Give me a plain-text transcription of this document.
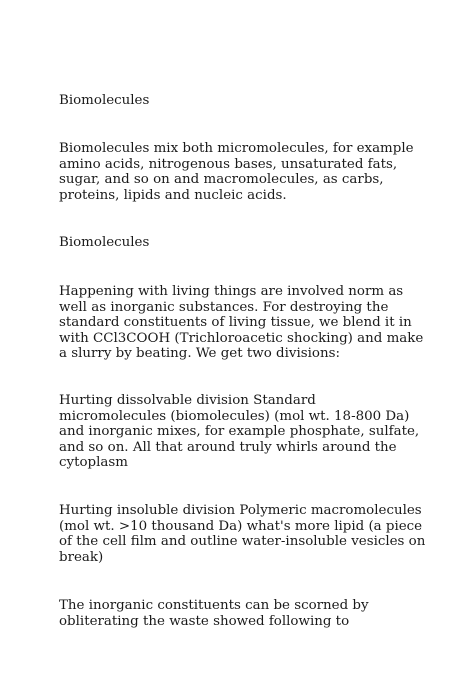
Biomolecules

Biomolecules mix both micromolecules, for example
amino acids, nitrogenous bases, unsaturated fats,
sugar, and so on and macromolecules, as carbs,
proteins, lipids and nucleic acids.

Biomolecules

Happening with living things are involved norm as
well as inorganic substances. For destroying the
standard constituents of living tissue, we blend it in
with CCl3COOH (Trichloroacetic shocking) and make
a slurry by beating. We get two divisions:

Hurting dissolvable division Standard
micromolecules (biomolecules) (mol wt. 18-800 Da)
and inorganic mixes, for example phosphate, sulfate,
and so on. All that around truly whirls around the
cytoplasm

Hurting insoluble division Polymeric macromolecules
(mol wt. >10 thousand Da) what's more lipid (a piece
of the cell film and outline water-insoluble vesicles on
break)

The inorganic constituents can be scorned by
obliterating the waste showed following to
